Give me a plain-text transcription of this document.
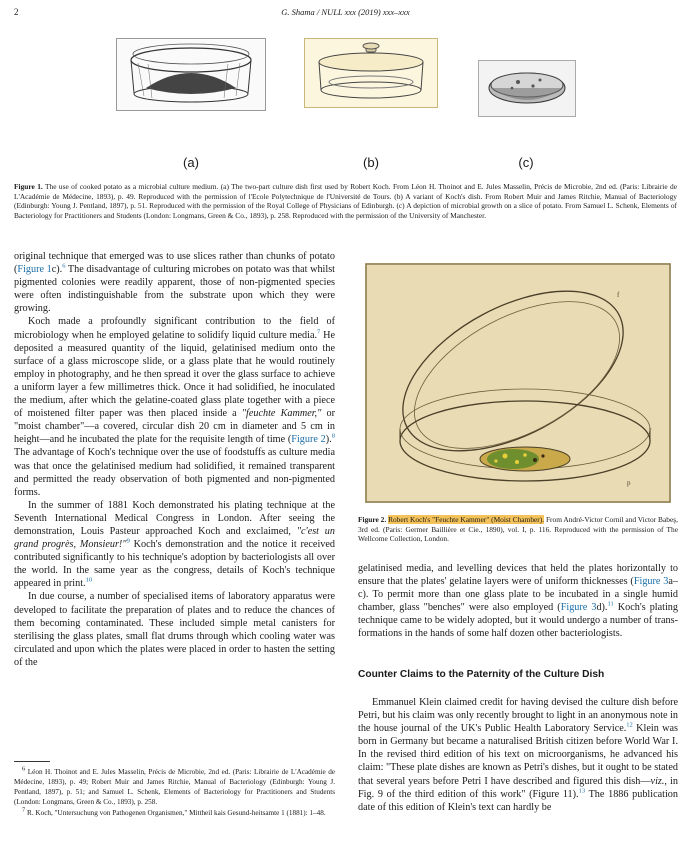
2	G. Shama / NULL xxx (2019) xxx–xxx
(a)	(b)	(c)
Figure 1. The use of cooked potato as a microbial culture medium. (a) The two-part culture dish first used by Robert Koch. From Léon H. Thoinot and E. Jules Masselin, Précis de Microbie, 2nd ed. (Paris: Librairie de L'Académie de Médecine, 1893), p. 49. Reproduced with the permission of l'Ecole Polytechnique de l'Université de Tours. (b) A variant of Koch's dish. From Robert Muir and James Ritchie, Manual of Bacteriology (Edinburgh: Young J. Pentland, 1897), p. 51. Reproduced with the permission of the Royal College of Physicians of Edinburgh. (c) A depiction of microbial growth on a slice of potato. From Samuel L. Schenk, Elements of Bacteriology for Practitioners and Students (London: Longmans, Green & Co., 1893), p. 258. Reproduced with the permission of the University of Manchester.

original technique that emerged was to use slices rather than chunks of potato (Figure 1c).$^6$ The disadvantage of culturing microbes on potato was that whilst pigmented colonies were readily apparent, those of non-pigmented species were often indistinguishable from the substrate upon which they were growing.

Koch made a profoundly significant contribution to the field of microbiology when he employed gelatine to solidify liquid culture media.$^7$ He deposited a measured quantity of the liquid, gelatinised medium onto the surface of a glass microscope slide, or a glass plate that he would routinely employ in photography, and he then spread it over the glass surface to achieve a uniform layer a few millimetres thick. Once it had solidified, he inoculated the medium, after which the gelatine-coated glass plate together with a piece of moistened filter paper was then placed inside a "feuchte Kammer," or "moist chamber"—a covered, circular dish 20 cm in diameter and 5 cm in height—and he incubated the plate for the requisite length of time (Figure 2).$^8$ The advantage of Koch's technique over the use of foodstuffs as culture media was that once the gelatinised medium had solidified, it remained transparent and permitted the ready observation of both pigmented and non-pigmented forms.

In the summer of 1881 Koch demonstrated his plating technique at the Seventh International Medical Congress in London. After seeing the demonstration, Louis Pasteur approached Koch and exclaimed, "c'est un grand progrès, Monsieur!"$^9$ Koch's demonstration and the notice it received contributed significantly to his technique's adoption by bacteriologists all over the world. In the same year as the congress, details of Koch's technique appeared in print.$^{10}$

In due course, a number of specialised items of laboratory apparatus were developed to facilitate the preparation of plates and to reduce the chances of them becoming contaminated. These included simple metal canisters for sterilising the glass plates, small flat drums through which cooling water was circulated and upon which the plates were placed in order to hasten the setting of the

$^6$ Léon H. Thoinot and E. Jules Masselin, Précis de Microbie, 2nd ed. (Paris: Librairie de L'Académie de Médecine, 1893), p. 49; Robert Muir and James Ritchie, Manual of Bacteriology (Edinburgh: Young J. Pentland, 1897), p. 51; and Samuel L. Schenk, Elements of Bacteriology for Practitioners and Students (London: Longmans, Green & Co., 1893), p. 258.

$^7$ R. Koch, "Untersuchung von Pathogenen Organismen," Mittheil kais Gesund-heitsamte 1 (1881): 1–48.

f
r
p
Figure 2. Robert Koch's "Feuchte Kammer" (Moist Chamber). From André-Victor Cornil and Victor Babeş, 3rd ed. (Paris: Germer Baillière et Cie., 1890), vol. I, p. 116. Reproduced with the permission of The Wellcome Collection, London.

gelatinised media, and levelling devices that held the plates horizontally to ensure that the plates' gelatine layers were of uniform thicknesses (Figure 3a–c). To permit more than one glass plate to be incubated in a single humid chamber, glass "benches" were also employed (Figure 3d).$^{11}$ Koch's plating technique came to be widely adopted, but it would undergo a number of trans-formations in the hands of some half dozen other bacteriologists.

Counter Claims to the Paternity of the Culture Dish

Emmanuel Klein claimed credit for having devised the culture dish before Petri, but his claim was only recently brought to light in an anonymous note in the house journal of the UK's Public Health Laboratory Service.$^{12}$ Klein was born in Germany but became a naturalised British citizen before World War I. In the revised third edition of his text on microorganisms, he advanced his claim: "These plate dishes are known as Petri's dishes, but it ought to be stated that several years before Petri I have described and figured this dish—viz., in Fig. 9 of the third edition of this work" (Figure 11).$^{13}$ The 1886 publication date of this edition of Klein's text can hardly be
